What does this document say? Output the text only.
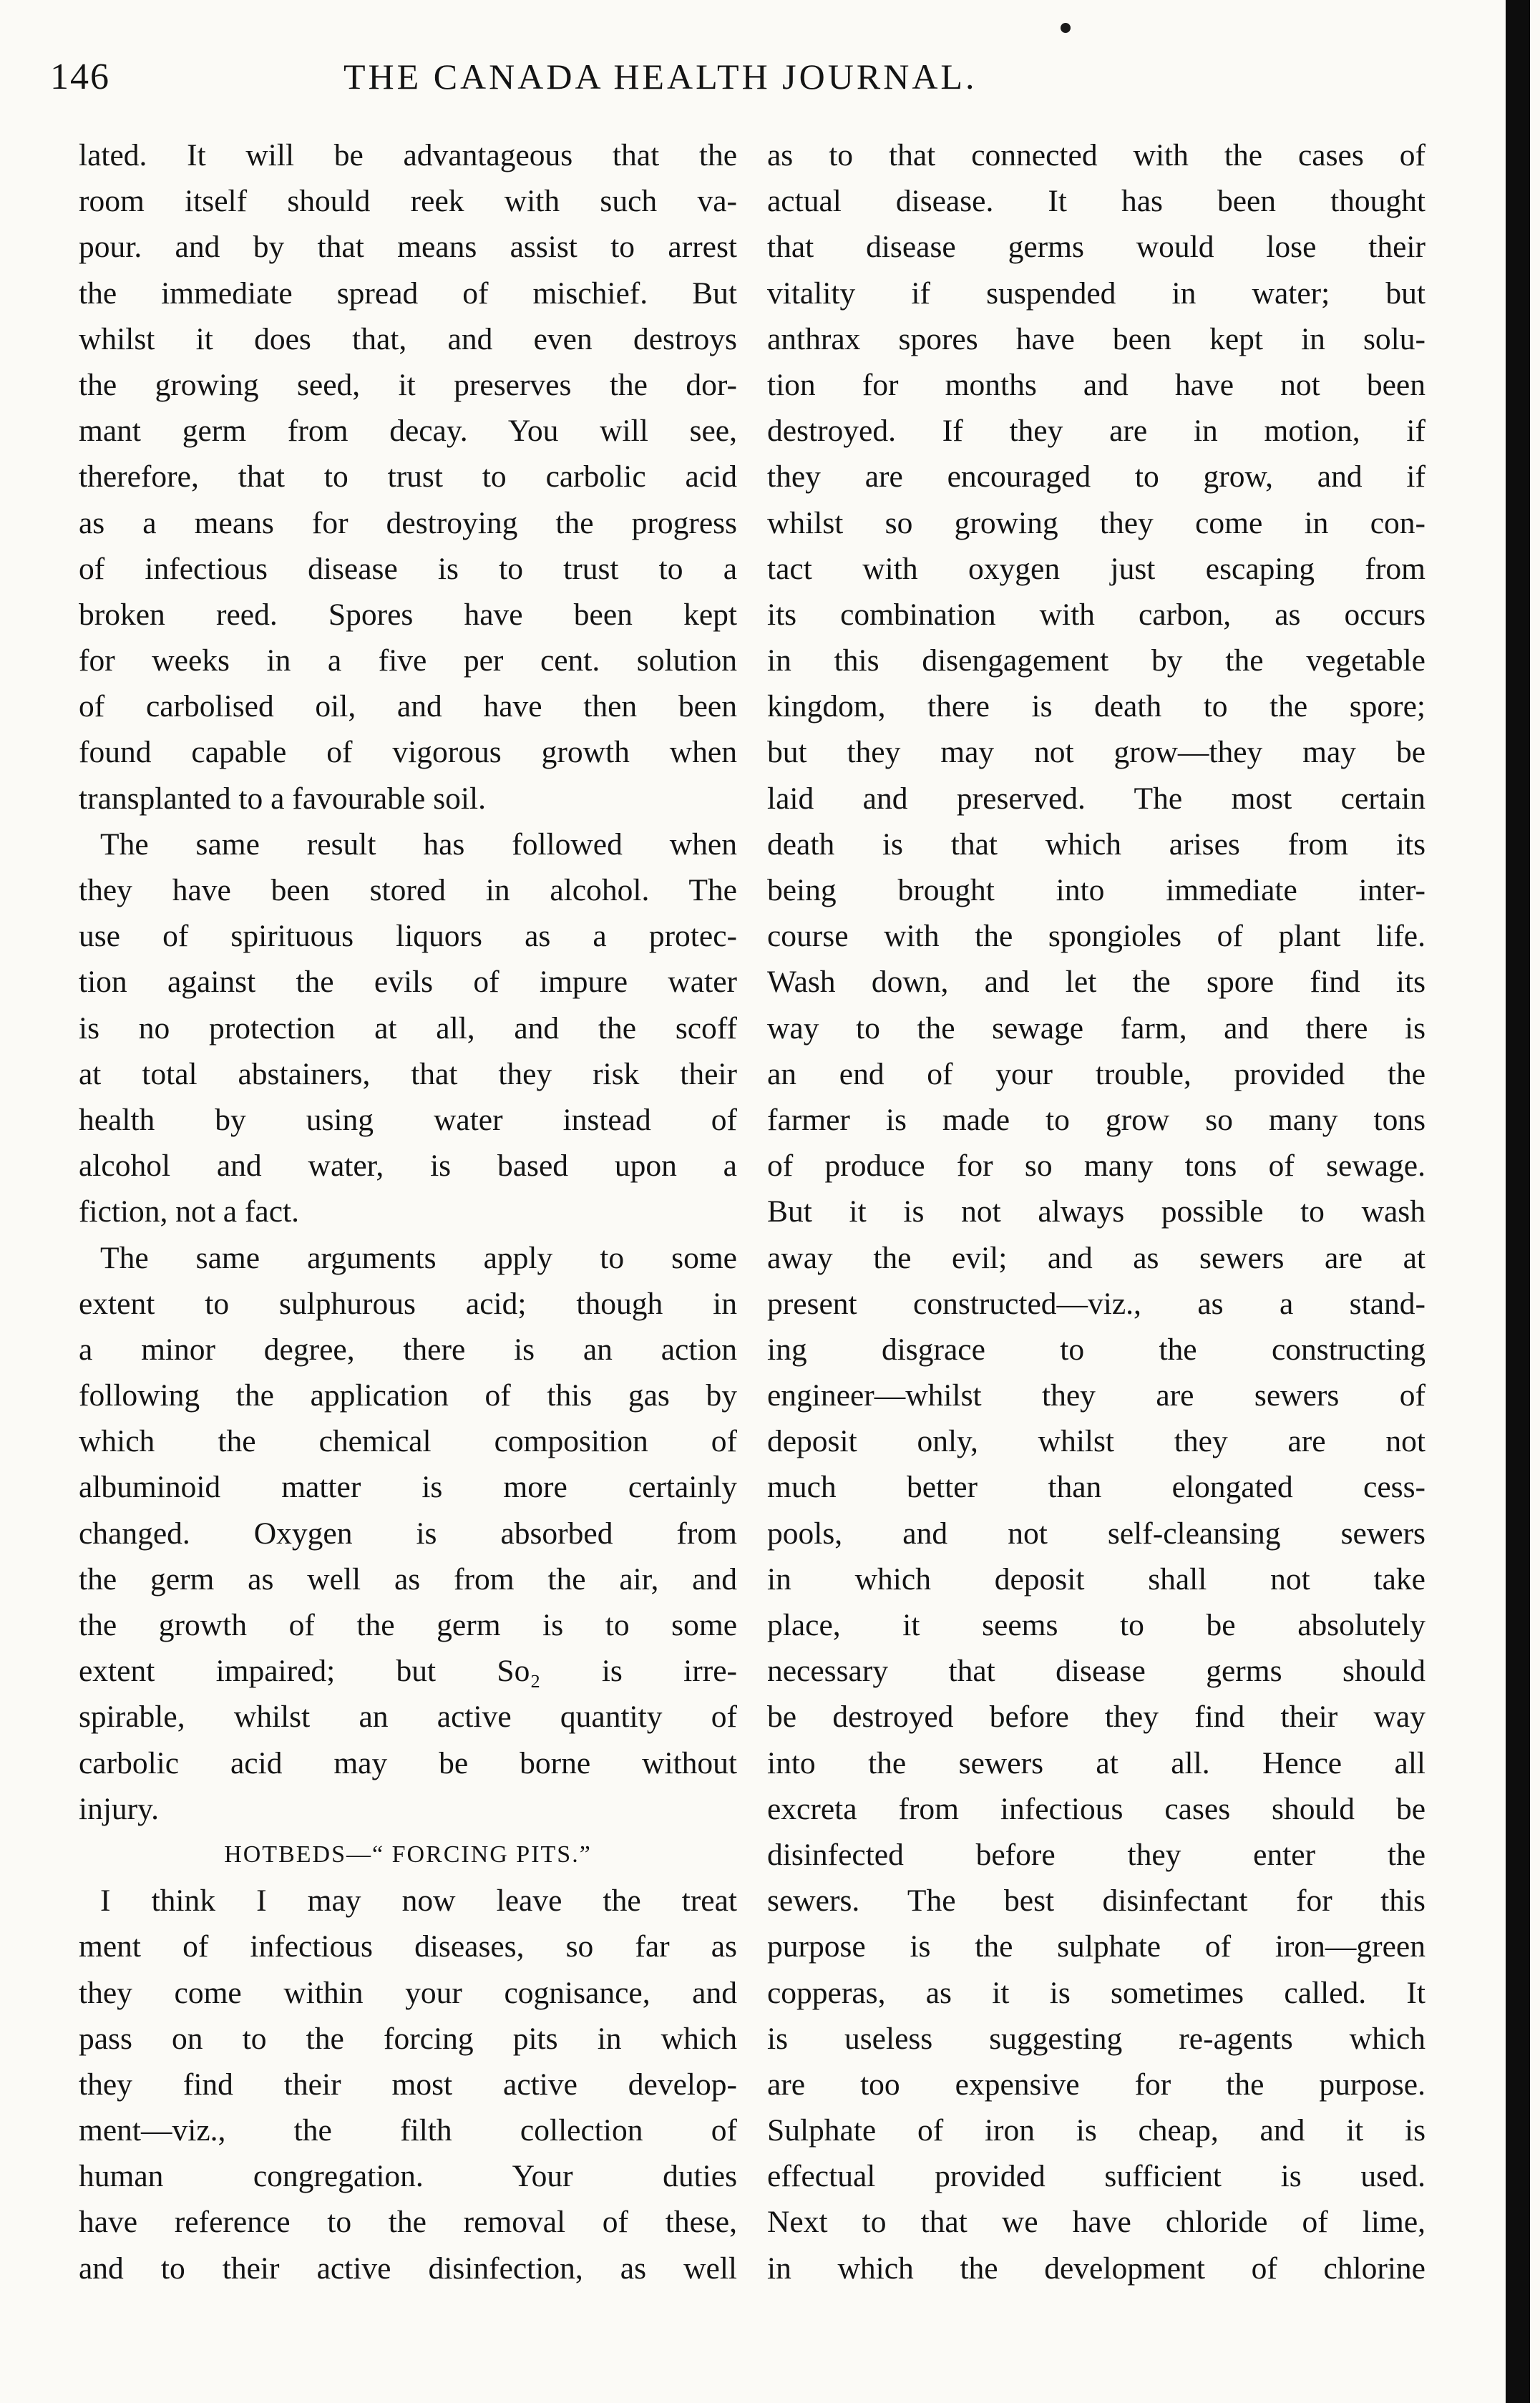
146	THE CANADA HEALTH JOURNAL.
lated. It will be advantageous that the
room itself should reek with such va-
pour. and by that means assist to arrest
the immediate spread of mischief. But
whilst it does that, and even destroys
the growing seed, it preserves the dor-
mant germ from decay. You will see,
therefore, that to trust to carbolic acid
as a means for destroying the progress
of infectious disease is to trust to a
broken reed. Spores have been kept
for weeks in a five per cent. solution
of carbolised oil, and have then been
found capable of vigorous growth when
transplanted to a favourable soil.
The same result has followed when
they have been stored in alcohol. The
use of spirituous liquors as a protec-
tion against the evils of impure water
is no protection at all, and the scoff
at total abstainers, that they risk their
health by using water instead of
alcohol and water, is based upon a
fiction, not a fact.
The same arguments apply to some
extent to sulphurous acid; though in
a minor degree, there is an action
following the application of this gas by
which the chemical composition of
albuminoid matter is more certainly
changed. Oxygen is absorbed from
the germ as well as from the air, and
the growth of the germ is to some
extent impaired; but So₂ is irre-
spirable, whilst an active quantity of
carbolic acid may be borne without
injury.
HOTBEDS—“ FORCING PITS.”
I think I may now leave the treat
ment of infectious diseases, so far as
they come within your cognisance, and
pass on to the forcing pits in which
they find their most active develop-
ment—viz., the filth collection of
human congregation. Your duties
have reference to the removal of these,
and to their active disinfection, as well
as to that connected with the cases of
actual disease. It has been thought
that disease germs would lose their
vitality if suspended in water; but
anthrax spores have been kept in solu-
tion for months and have not been
destroyed. If they are in motion, if
they are encouraged to grow, and if
whilst so growing they come in con-
tact with oxygen just escaping from
its combination with carbon, as occurs
in this disengagement by the vegetable
kingdom, there is death to the spore;
but they may not grow—they may be
laid and preserved. The most certain
death is that which arises from its
being brought into immediate inter-
course with the spongioles of plant life.
Wash down, and let the spore find its
way to the sewage farm, and there is
an end of your trouble, provided the
farmer is made to grow so many tons
of produce for so many tons of sewage.
But it is not always possible to wash
away the evil; and as sewers are at
present constructed—viz., as a stand-
ing disgrace to the constructing
engineer—whilst they are sewers of
deposit only, whilst they are not
much better than elongated cess-
pools, and not self-cleansing sewers
in which deposit shall not take
place, it seems to be absolutely
necessary that disease germs should
be destroyed before they find their way
into the sewers at all. Hence all
excreta from infectious cases should be
disinfected before they enter the
sewers. The best disinfectant for this
purpose is the sulphate of iron—green
copperas, as it is sometimes called. It
is useless suggesting re-agents which
are too expensive for the purpose.
Sulphate of iron is cheap, and it is
effectual provided sufficient is used.
Next to that we have chloride of lime,
in which the development of chlorine
